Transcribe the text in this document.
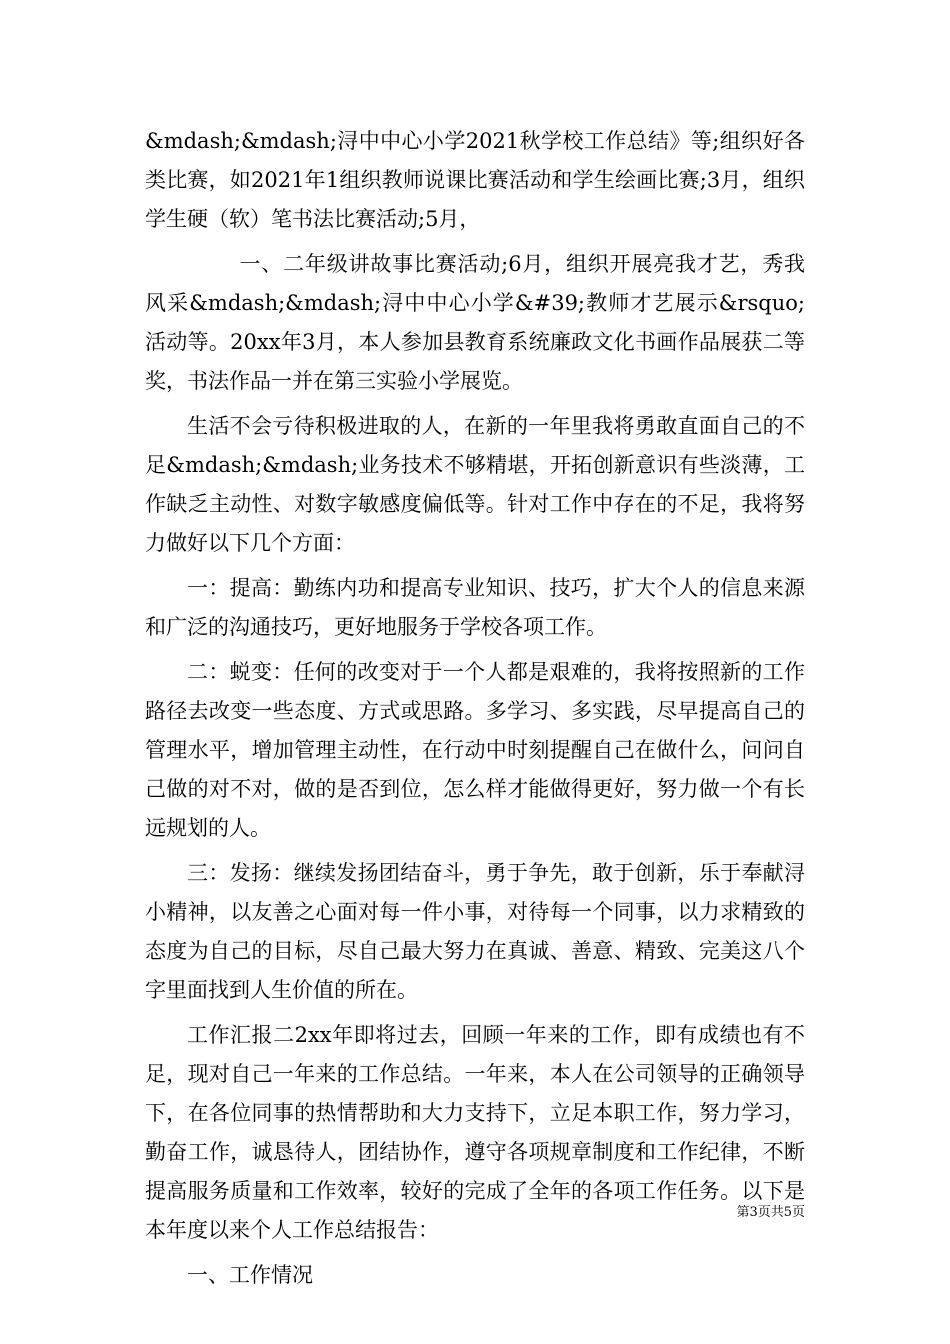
&mdash;&mdash;浔中中心小学2021秋学校工作总结》等;组织好各类比赛，如2021年1组织教师说课比赛活动和学生绘画比赛;3月，组织学生硬（软）笔书法比赛活动;5月，

一、二年级讲故事比赛活动;6月，组织开展亮我才艺，秀我风采&mdash;&mdash;浔中中心小学&#39;教师才艺展示&rsquo;活动等。20xx年3月，本人参加县教育系统廉政文化书画作品展获二等奖，书法作品一并在第三实验小学展览。

生活不会亏待积极进取的人，在新的一年里我将勇敢直面自己的不足&mdash;&mdash;业务技术不够精堪，开拓创新意识有些淡薄，工作缺乏主动性、对数字敏感度偏低等。针对工作中存在的不足，我将努力做好以下几个方面：

一：提高：勤练内功和提高专业知识、技巧，扩大个人的信息来源和广泛的沟通技巧，更好地服务于学校各项工作。

二：蜕变：任何的改变对于一个人都是艰难的，我将按照新的工作路径去改变一些态度、方式或思路。多学习、多实践，尽早提高自己的管理水平，增加管理主动性，在行动中时刻提醒自己在做什么，问问自己做的对不对，做的是否到位，怎么样才能做得更好，努力做一个有长远规划的人。

三：发扬：继续发扬团结奋斗，勇于争先，敢于创新，乐于奉献浔小精神，以友善之心面对每一件小事，对待每一个同事，以力求精致的态度为自己的目标，尽自己最大努力在真诚、善意、精致、完美这八个字里面找到人生价值的所在。

工作汇报二2xx年即将过去，回顾一年来的工作，即有成绩也有不足，现对自己一年来的工作总结。一年来，本人在公司领导的正确领导下，在各位同事的热情帮助和大力支持下，立足本职工作，努力学习，勤奋工作，诚恳待人，团结协作，遵守各项规章制度和工作纪律，不断提高服务质量和工作效率，较好的完成了全年的各项工作任务。以下是本年度以来个人工作总结报告：

一、工作情况

第3页共5页
